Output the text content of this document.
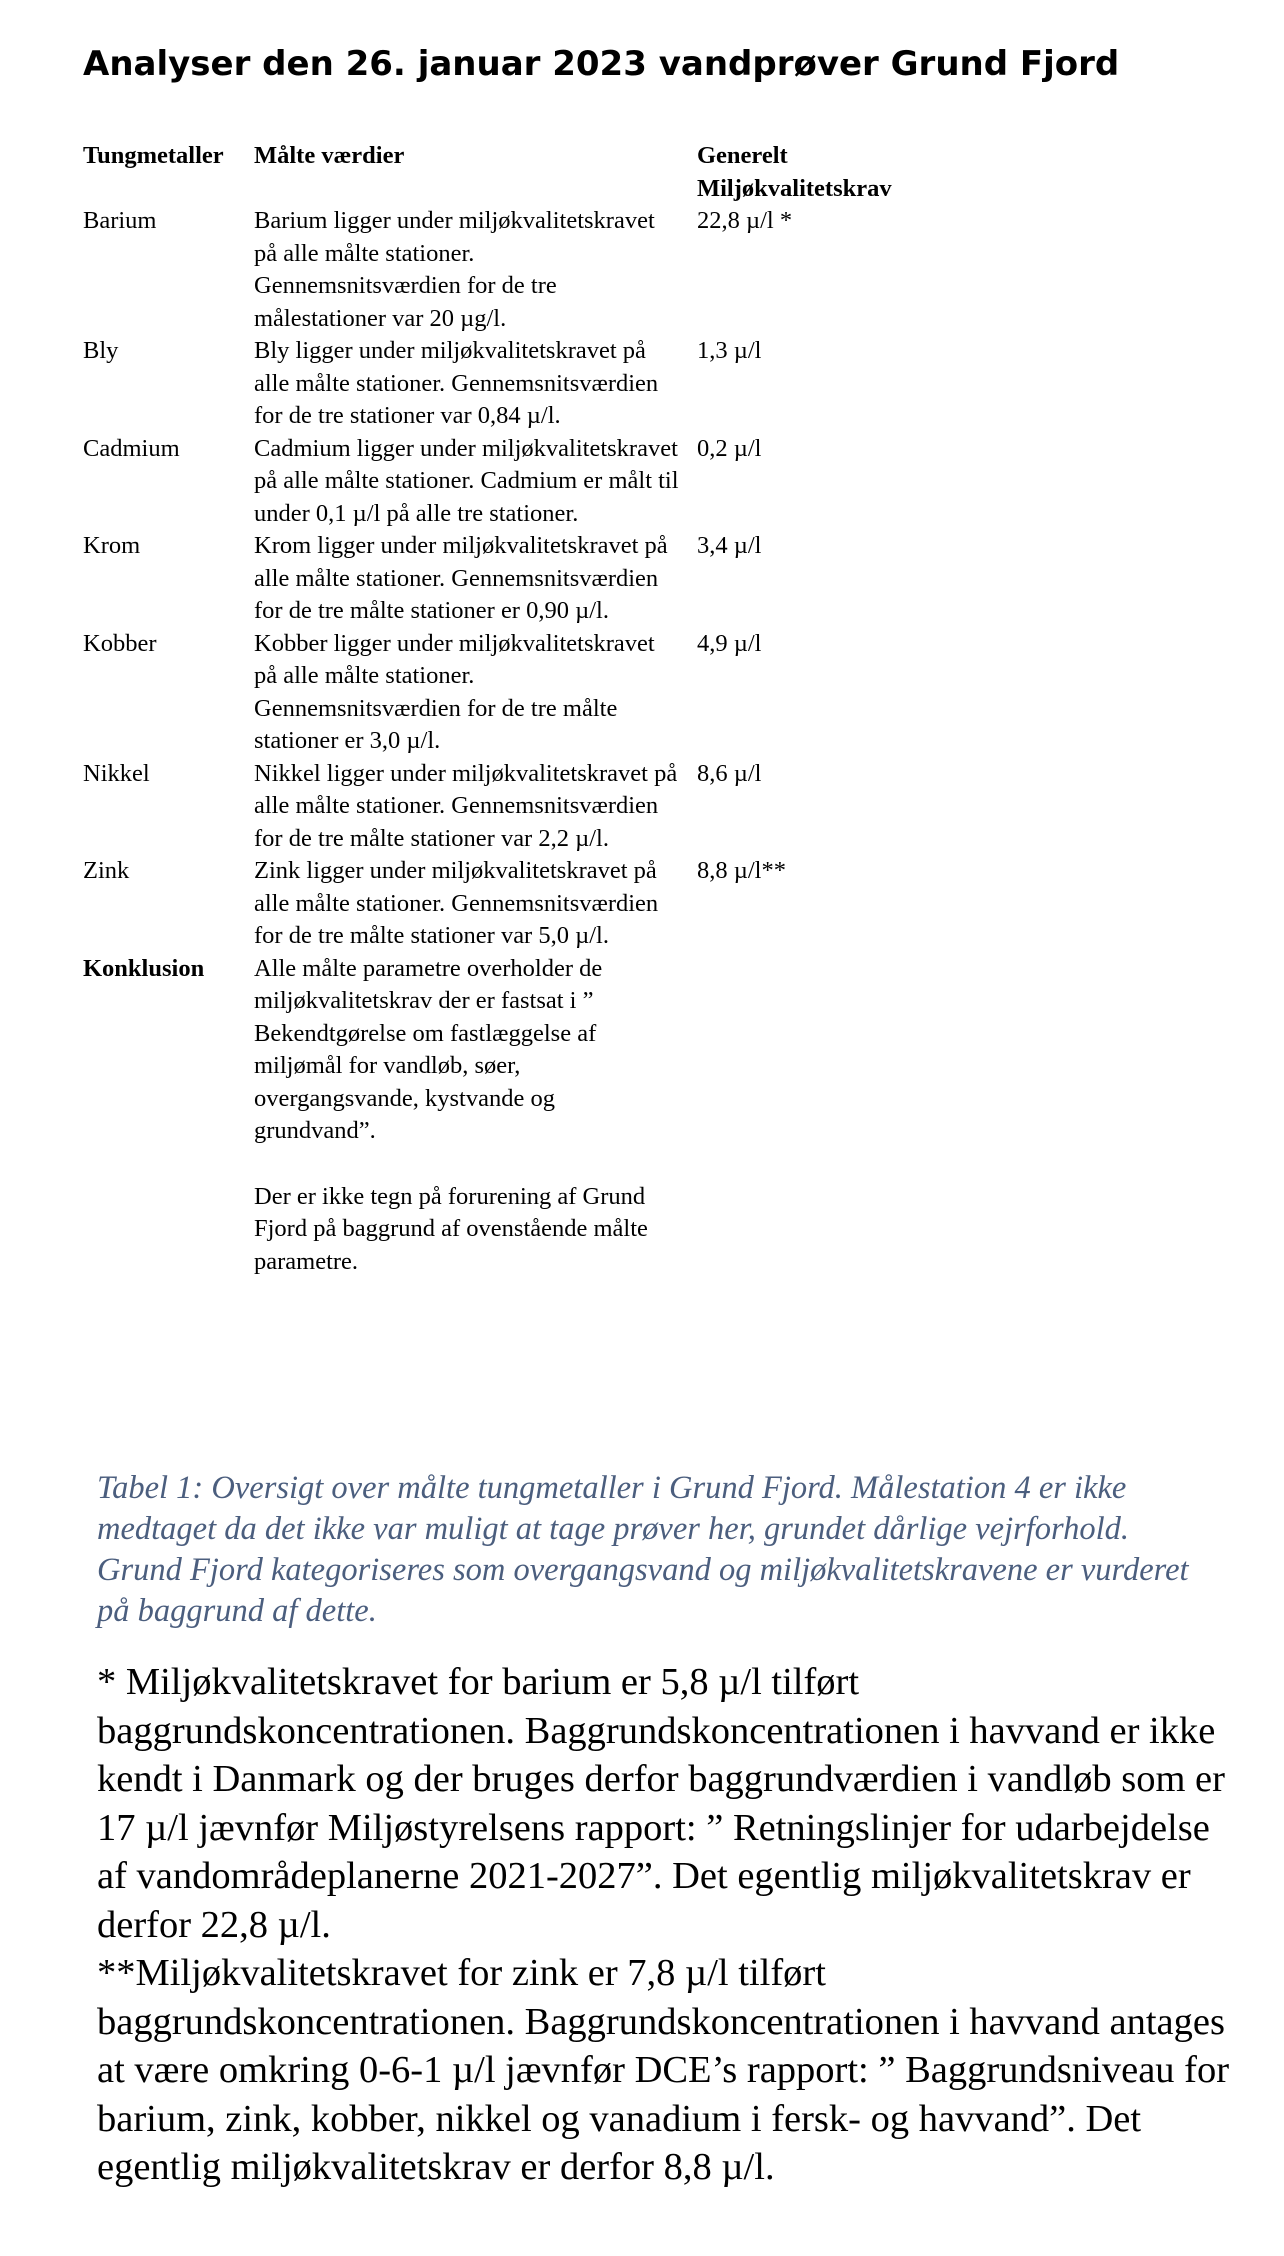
Analyser den 26. januar 2023 vandprøver Grund Fjord
Tungmetaller	Målte værdier	Generelt
Miljøkvalitetskrav

Barium	Barium ligger under miljøkvalitetskravet på alle målte stationer. Gennemsnitsværdien for de tre målestationer var 20 µg/l.	22,8 µ/l *
Bly	Bly ligger under miljøkvalitetskravet på alle målte stationer. Gennemsnitsværdien for de tre stationer var 0,84 µ/l.	1,3 µ/l
Cadmium	Cadmium ligger under miljøkvalitetskravet på alle målte stationer. Cadmium er målt til under 0,1 µ/l på alle tre stationer.	0,2 µ/l
Krom	Krom ligger under miljøkvalitetskravet på alle målte stationer. Gennemsnitsværdien for de tre målte stationer er 0,90 µ/l.	3,4 µ/l
Kobber	Kobber ligger under miljøkvalitetskravet på alle målte stationer. Gennemsnitsværdien for de tre målte stationer er 3,0 µ/l.	4,9 µ/l
Nikkel	Nikkel ligger under miljøkvalitetskravet på alle målte stationer. Gennemsnitsværdien for de tre målte stationer var 2,2 µ/l.	8,6 µ/l
Zink	Zink ligger under miljøkvalitetskravet på alle målte stationer. Gennemsnitsværdien for de tre målte stationer var 5,0 µ/l.	8,8 µ/l**
Konklusion	Alle målte parametre overholder de miljøkvalitetskrav der er fastsat i ” Bekendtgørelse om fastlæggelse af miljømål for vandløb, søer, overgangsvande, kystvande og grundvand”.
Der er ikke tegn på forurening af Grund Fjord på baggrund af ovenstående målte parametre.	

Tabel 1: Oversigt over målte tungmetaller i Grund Fjord. Målestation 4 er ikke medtaget da det ikke var muligt at tage prøver her, grundet dårlige vejrforhold. Grund Fjord kategoriseres som overgangsvand og miljøkvalitetskravene er vurderet på baggrund af dette.

* Miljøkvalitetskravet for barium er 5,8 µ/l tilført baggrundskoncentrationen. Baggrundskoncentrationen i havvand er ikke kendt i Danmark og der bruges derfor baggrundværdien i vandløb som er 17 µ/l jævnfør Miljøstyrelsens rapport: ” Retningslinjer for udarbejdelse af vandområdeplanerne 2021-2027”. Det egentlig miljøkvalitetskrav er derfor 22,8 µ/l.

**Miljøkvalitetskravet for zink er 7,8 µ/l tilført baggrundskoncentrationen. Baggrundskoncentrationen i havvand antages at være omkring 0-6-1 µ/l jævnfør DCE’s rapport: ” Baggrundsniveau for barium, zink, kobber, nikkel og vanadium i fersk- og havvand”. Det egentlig miljøkvalitetskrav er derfor 8,8 µ/l.
